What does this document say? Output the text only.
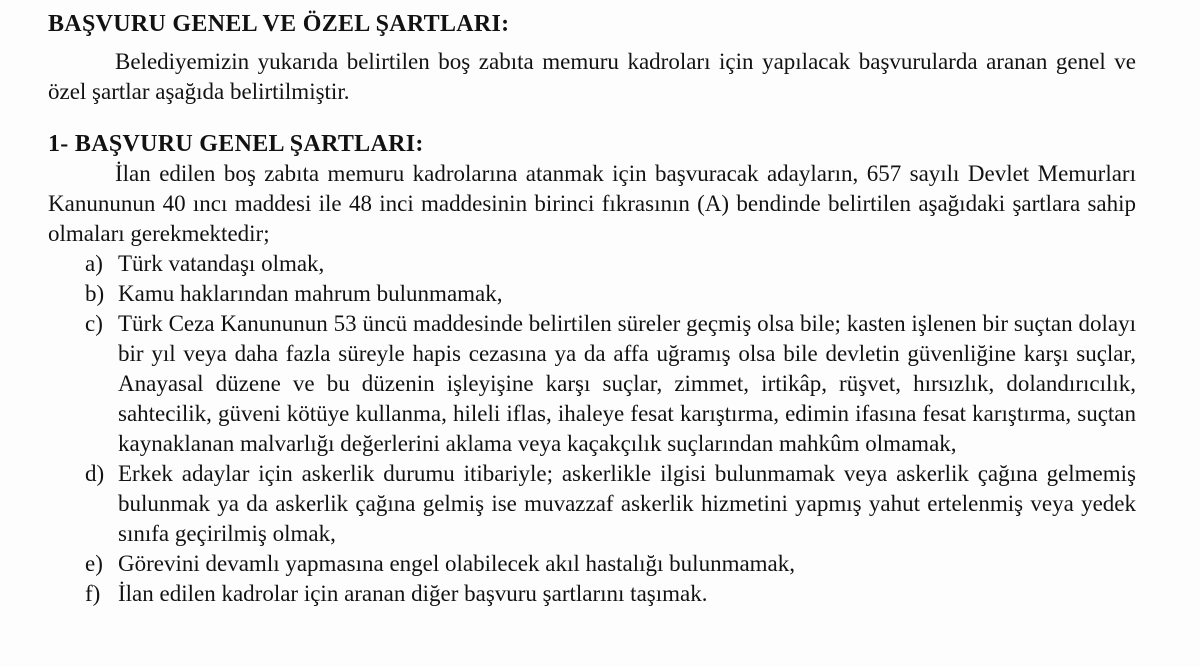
BAŞVURU GENEL VE ÖZEL ŞARTLARI:

Belediyemizin yukarıda belirtilen boş zabıta memuru kadroları için yapılacak başvurularda aranan genel ve özel şartlar aşağıda belirtilmiştir.

1- BAŞVURU GENEL ŞARTLARI:

İlan edilen boş zabıta memuru kadrolarına atanmak için başvuracak adayların, 657 sayılı Devlet Memurları Kanununun 40 ıncı maddesi ile 48 inci maddesinin birinci fıkrasının (A) bendinde belirtilen aşağıdaki şartlara sahip olmaları gerekmektedir;

a) Türk vatandaşı olmak,
b) Kamu haklarından mahrum bulunmamak,
c) Türk Ceza Kanununun 53 üncü maddesinde belirtilen süreler geçmiş olsa bile; kasten işlenen bir suçtan dolayı bir yıl veya daha fazla süreyle hapis cezasına ya da affa uğramış olsa bile devletin güvenliğine karşı suçlar, Anayasal düzene ve bu düzenin işleyişine karşı suçlar, zimmet, irtikâp, rüşvet, hırsızlık, dolandırıcılık, sahtecilik, güveni kötüye kullanma, hileli iflas, ihaleye fesat karıştırma, edimin ifasına fesat karıştırma, suçtan kaynaklanan malvarlığı değerlerini aklama veya kaçakçılık suçlarından mahkûm olmamak,
d) Erkek adaylar için askerlik durumu itibariyle; askerlikle ilgisi bulunmamak veya askerlik çağına gelmemiş bulunmak ya da askerlik çağına gelmiş ise muvazzaf askerlik hizmetini yapmış yahut ertelenmiş veya yedek sınıfa geçirilmiş olmak,
e) Görevini devamlı yapmasına engel olabilecek akıl hastalığı bulunmamak,
f) İlan edilen kadrolar için aranan diğer başvuru şartlarını taşımak.
